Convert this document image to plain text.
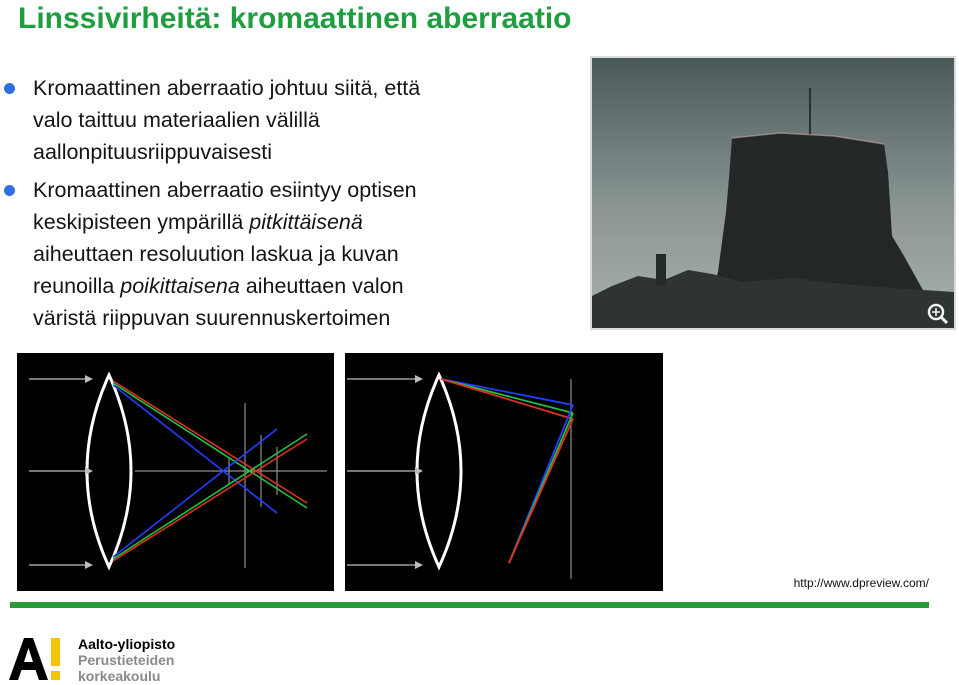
Linssivirheitä: kromaattinen aberraatio
Kromaattinen aberraatio johtuu siitä, että
valo taittuu materiaalien välillä
aallonpituusriippuvaisesti
Kromaattinen aberraatio esiintyy optisen
keskipisteen ympärillä pitkittäisenä
aiheuttaen resoluution laskua ja kuvan
reunoilla poikittaisena aiheuttaen valon
väristä riippuvan suurennuskertoimen
http://www.dpreview.com/
Aalto-yliopisto
Perustieteiden
korkeakoulu
